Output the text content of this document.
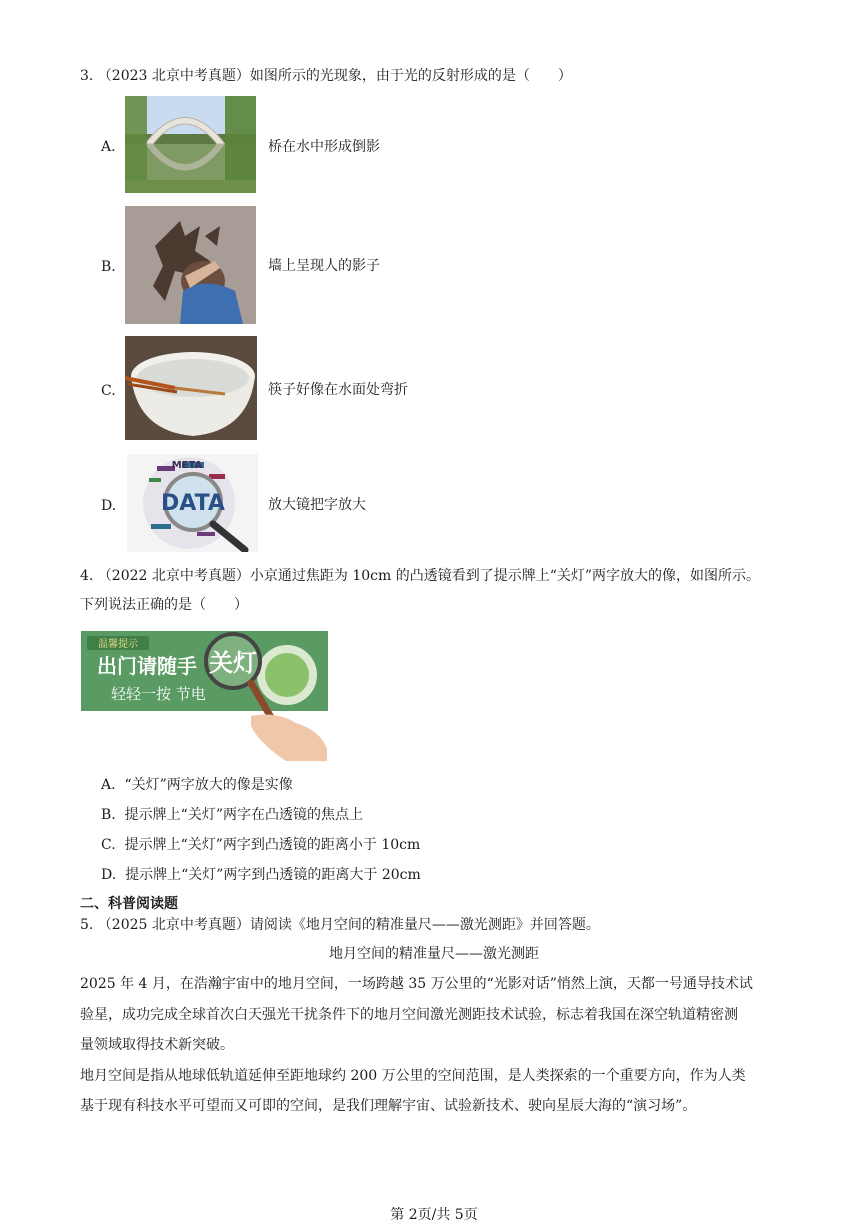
3. （2023 北京中考真题）如图所示的光现象，由于光的反射形成的是（　　）
A.	桥在水中形成倒影
B.	墙上呈现人的影子
C.	筷子好像在水面处弯折
D.
META
DATA	放大镜把字放大
4. （2022 北京中考真题）小京通过焦距为 10cm 的凸透镜看到了提示牌上“关灯”两字放大的像，如图所示。
下列说法正确的是（　　）
温馨提示
出门请随手
轻轻一按 节电
关灯
A. “关灯”两字放大的像是实像
B. 提示牌上“关灯”两字在凸透镜的焦点上
C. 提示牌上“关灯”两字到凸透镜的距离小于 10cm
D. 提示牌上“关灯”两字到凸透镜的距离大于 20cm
二、科普阅读题
5. （2025 北京中考真题）请阅读《地月空间的精准量尺——激光测距》并回答题。
地月空间的精准量尺——激光测距
2025 年 4 月，在浩瀚宇宙中的地月空间，一场跨越 35 万公里的“光影对话”悄然上演，天都一号通导技术试
验星，成功完成全球首次白天强光干扰条件下的地月空间激光测距技术试验，标志着我国在深空轨道精密测
量领域取得技术新突破。
地月空间是指从地球低轨道延伸至距地球约 200 万公里的空间范围，是人类探索的一个重要方向，作为人类
基于现有科技水平可望而又可即的空间，是我们理解宇宙、试验新技术、驶向星辰大海的“演习场”。
第 2页/共 5页
